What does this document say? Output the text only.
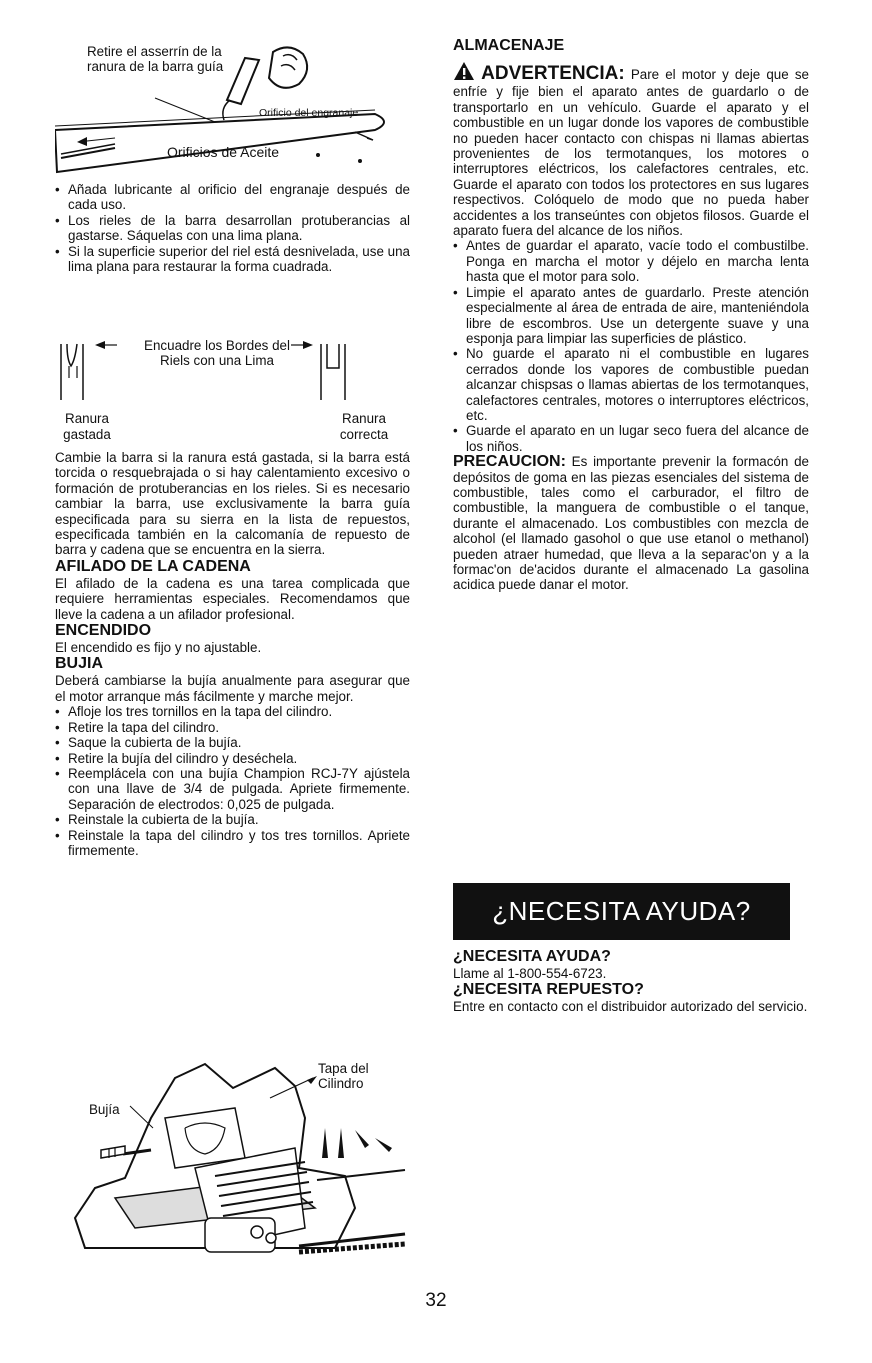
Retire el asserrín de la ranura de la barra guía
Orificio del engranaje
Orificios de Aceite
• Añada lubricante al orificio del engranaje después de cada uso.
• Los rieles de la barra desarrollan protuberancias al gastarse. Sáquelas con una lima plana.
• Si la superficie superior del riel está desnivelada, use una lima plana para restaurar la forma cuadrada.
Encuadre los Bordes del Riels con una Lima
Ranura gastada
Ranura correcta

Cambie la barra si la ranura está gastada, si la barra está torcida o resquebrajada o si hay calentamiento excesivo o formación de protuberancias en los rieles. Si es necesario cambiar la barra, use exclusivamente la barra guía especificada para su sierra en la lista de repuestos, especificada también en la calcomanía de repuesto de barra y cadena que se encuentra en la sierra.

AFILADO DE LA CADENA

El afilado de la cadena es una tarea complicada que requiere herramientas especiales. Recomendamos que lleve la cadena a un afilador profesional.

ENCENDIDO

El encendido es fijo y no ajustable.

BUJIA

Deberá cambiarse la bujía anualmente para asegurar que el motor arranque más fácilmente y marche mejor.

• Afloje los tres tornillos en la tapa del cilindro.
• Retire la tapa del cilindro.
• Saque la cubierta de la bujía.
• Retire la bujía del cilindro y deséchela.
• Reemplácela con una bujía Champion RCJ-7Y ajústela con una llave de 3/4 de pulgada. Apriete firmemente. Separación de electrodos: 0,025 de pulgada.
• Reinstale la cubierta de la bujía.
• Reinstale la tapa del cilindro y tos tres tornillos. Apriete firmemente.
Bujía
Tapa del Cilindro

ALMACENAJE

ADVERTENCIA: Pare el motor y deje que se enfríe y fije bien el aparato antes de guardarlo o de transportarlo en un vehículo. Guarde el aparato y el combustible en un lugar donde los vapores de combustible no pueden hacer contacto con chispas ni llamas abiertas provenientes de los termotanques, los motores o interruptores eléctricos, los calefactores centrales, etc. Guarde el aparato con todos los protectores en sus lugares respectivos. Colóquelo de modo que no pueda haber accidentes a los transeúntes con objetos filosos. Guarde el aparato fuera del alcance de los niños.

• Antes de guardar el aparato, vacíe todo el combustilbe. Ponga en marcha el motor y déjelo en marcha lenta hasta que el motor para solo.
• Limpie el aparato antes de guardarlo. Preste atención especialmente al área de entrada de aire, manteniéndola libre de escombros. Use un detergente suave y una esponja para limpiar las superficies de plástico.
• No guarde el aparato ni el combustible en lugares cerrados donde los vapores de combustible puedan alcanzar chispsas o llamas abiertas de los termotanques, calefactores centrales, motores o interruptores eléctricos, etc.
• Guarde el aparato en un lugar seco fuera del alcance de los niños.

PRECAUCION: Es importante prevenir la formacón de depósitos de goma en las piezas esenciales del sistema de combustible, tales como el carburador, el filtro de combustible, la manguera de combustible o el tanque, durante el almacenado. Los combustibles con mezcla de alcohol (el llamado gasohol o que use etanol o methanol) pueden atraer humedad, que lleva a la separac'on y a la formac'on de'acidos durante el almacenado La gasolina acidica puede danar el motor.

¿NECESITA AYUDA?

Llame al 1-800-554-6723.

¿NECESITA REPUESTO?

Entre en contacto con el distribuidor autorizado del servicio.

¿NECESITA AYUDA?
32
